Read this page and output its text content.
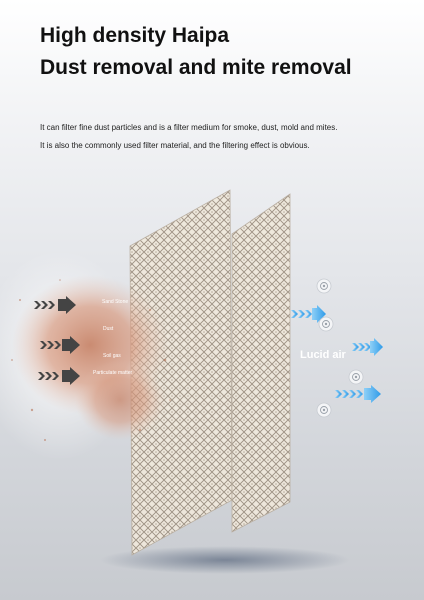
High density Haipa
Dust removal and mite removal

It can filter fine dust particles and is a filter medium for smoke, dust, mold and mites.

It is also the commonly used filter material, and the filtering effect is obvious.

Sand Stone
Dust
Soil gas
Particulate matter
Lucid air
